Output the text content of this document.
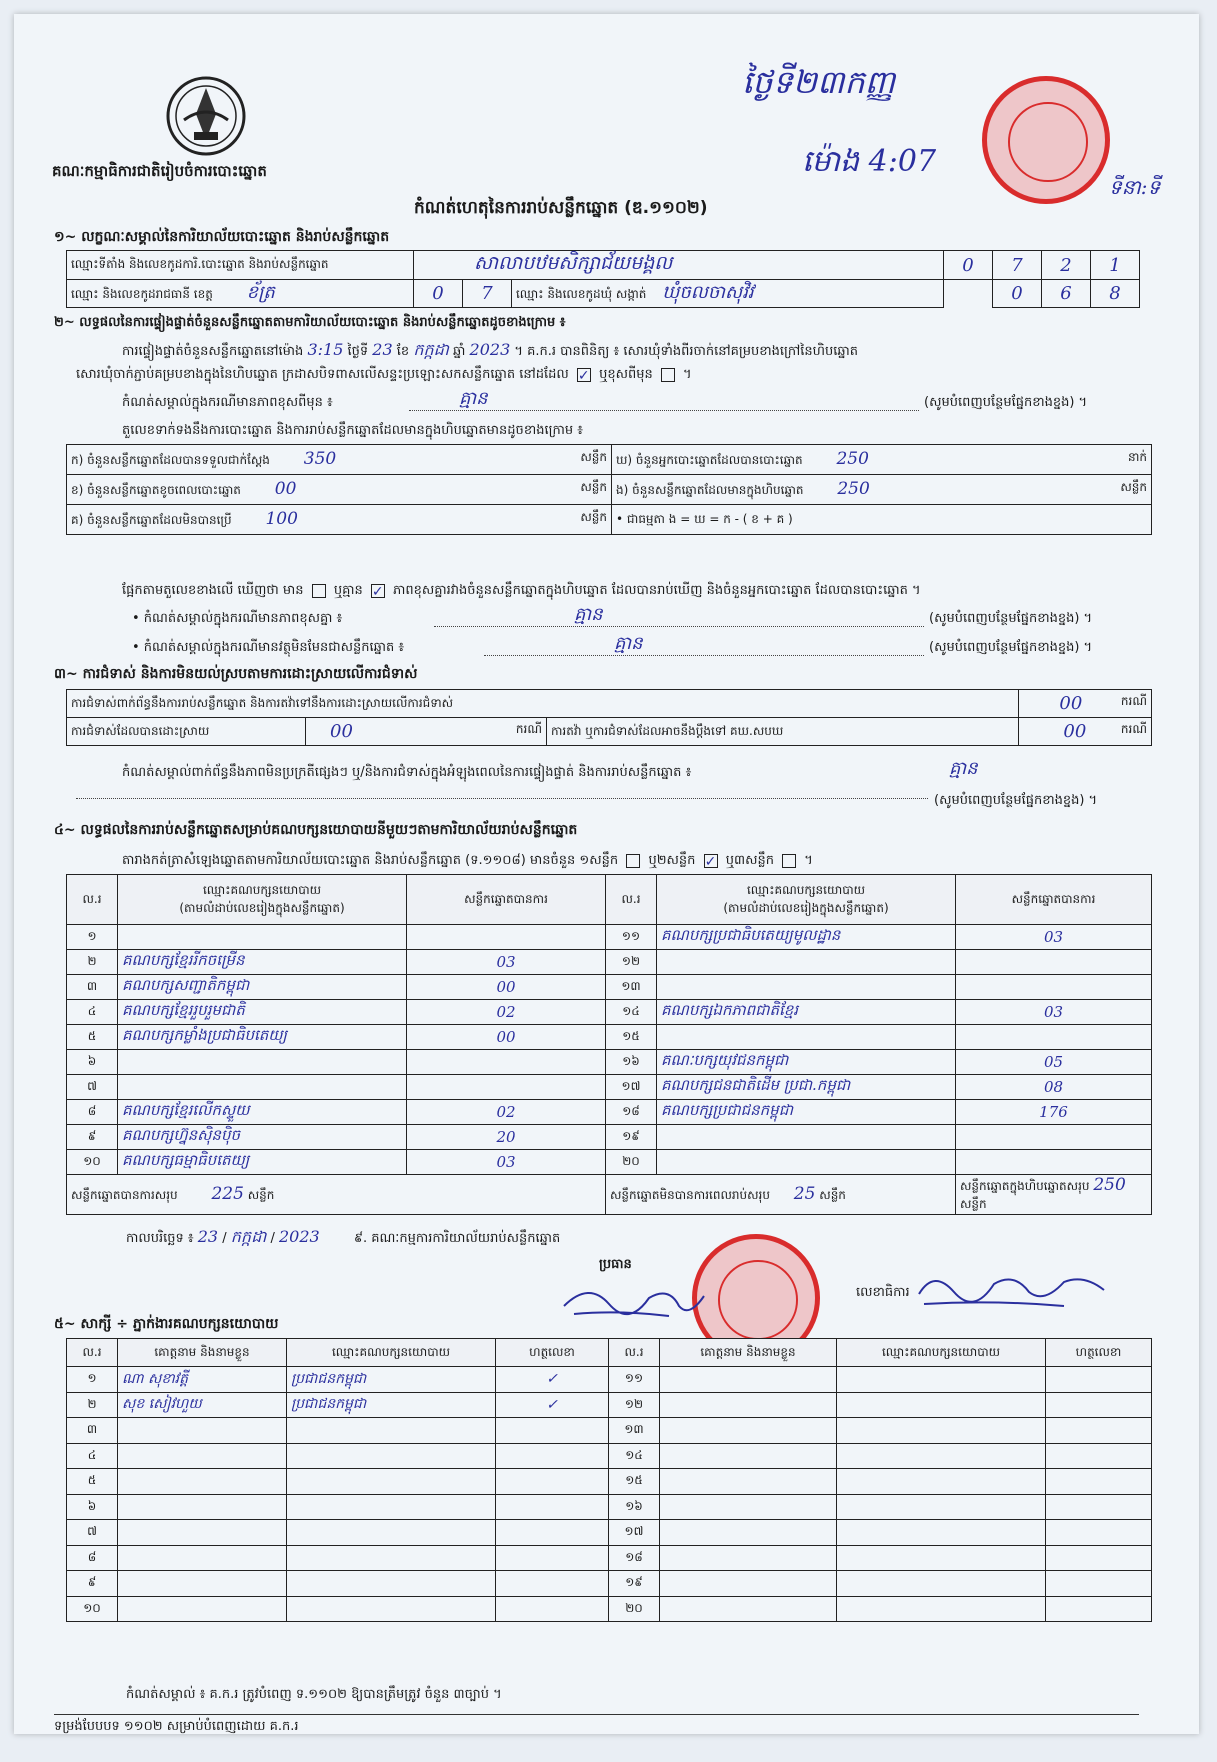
គណៈកម្មាធិការជាតិរៀបចំការបោះឆ្នោត
កំណត់ហេតុនៃការរាប់សន្លឹកឆ្នោត (ឌ.១១០២)
ថ្ងៃទី២៣កញ្ញ
ម៉ោង 4:07
ទីនា:ទី
១~ លក្ខណៈសម្គាល់នៃការិយាល័យបោះឆ្នោត និងរាប់សន្លឹកឆ្នោត
ឈ្មោះទីតាំង និងលេខកូដការិ.បោះឆ្នោត និងរាប់សន្លឹកឆ្នោត	សាលាបឋមសិក្សាជ័យមង្គល			0	7	2	1
ឈ្មោះ និងលេខកូដរាជធានី ខេត្ត ខ័ត្រ	0	7	ឈ្មោះ និងលេខកូដឃុំ សង្កាត់ ឃុំចលចាសុវិវ		0	6	8
២~ លទ្ធផលនៃការផ្ទៀងផ្ទាត់ចំនួនសន្លឹកឆ្នោតតាមការិយាល័យបោះឆ្នោត និងរាប់សន្លឹកឆ្នោតដូចខាងក្រោម ៖
ការផ្ទៀងផ្ទាត់ចំនួនសន្លឹកឆ្នោតនៅម៉ោង 3:15 ថ្ងៃទី 23 ខែ កក្កដា ឆ្នាំ 2023 ។ គ.ក.រ បានពិនិត្យ ៖ សោរឃុំទាំងពីរចាក់នៅគម្របខាងក្រៅនៃហិបឆ្នោត
សោរឃុំចាក់ភ្ជាប់គម្របខាងក្នុងនៃហិបឆ្នោត ក្រដាសបិទពាសលើសន្ទះប្រឡោះសកសន្លឹកឆ្នោត នៅដដែល ✓ ឬខុសពីមុន  ។
កំណត់សម្គាល់ក្នុងករណីមានភាពខុសពីមុន ៖	គ្មាន	(សូមបំពេញបន្ថែមផ្នែកខាងខ្នង) ។
តួលេខទាក់ទងនឹងការបោះឆ្នោត និងការរាប់សន្លឹកឆ្នោតដែលមានក្នុងហិបឆ្នោតមានដូចខាងក្រោម ៖
ក) ចំនួនសន្លឹកឆ្នោតដែលបានទទួលជាក់ស្តែង 350 សន្លឹក	ឃ) ចំនួនអ្នកបោះឆ្នោតដែលបានបោះឆ្នោត 250 នាក់

ខ) ចំនួនសន្លឹកឆ្នោតខូចពេលបោះឆ្នោត 00 សន្លឹក	ង) ចំនួនសន្លឹកឆ្នោតដែលមានក្នុងហិបឆ្នោត 250 សន្លឹក

គ) ចំនួនសន្លឹកឆ្នោតដែលមិនបានប្រើ 100 សន្លឹក	• ជាធម្មតា ង = ឃ = ក - ( ខ + គ )
ផ្អែកតាមតួលេខខាងលើ ឃើញថា មាន ឬគ្មាន ✓ ភាពខុសគ្នារវាងចំនួនសន្លឹកឆ្នោតក្នុងហិបឆ្នោត ដែលបានរាប់ឃើញ និងចំនួនអ្នកបោះឆ្នោត ដែលបានបោះឆ្នោត ។
• កំណត់សម្គាល់ក្នុងករណីមានភាពខុសគ្នា ៖	គ្មាន	(សូមបំពេញបន្ថែមផ្នែកខាងខ្នង) ។
• កំណត់សម្គាល់ក្នុងករណីមានវត្ថុមិនមែនជាសន្លឹកឆ្នោត ៖	គ្មាន	(សូមបំពេញបន្ថែមផ្នែកខាងខ្នង) ។
៣~ ការជំទាស់ និងការមិនយល់ស្របតាមការដោះស្រាយលើការជំទាស់
ការជំទាស់ពាក់ព័ន្ធនឹងការរាប់សន្លឹកឆ្នោត និងការតវ៉ាទៅនឹងការដោះស្រាយលើការជំទាស់			00 ករណី

ការជំទាស់ដែលបានដោះស្រាយ	00 ករណី	ការតវ៉ា ឬការជំទាស់ដែលអាចនឹងប្តឹងទៅ គឃ.សបឃ	00 ករណី
កំណត់សម្គាល់ពាក់ព័ន្ធនឹងភាពមិនប្រក្រតីផ្សេងៗ ឬ/និងការជំទាស់ក្នុងអំឡុងពេលនៃការផ្ទៀងផ្ទាត់ និងការរាប់សន្លឹកឆ្នោត ៖	គ្មាន
(សូមបំពេញបន្ថែមផ្នែកខាងខ្នង) ។
៤~ លទ្ធផលនៃការរាប់សន្លឹកឆ្នោតសម្រាប់គណបក្សនយោបាយនីមួយៗតាមការិយាល័យរាប់សន្លឹកឆ្នោត
តារាងកត់ត្រាសំឡេងឆ្នោតតាមការិយាល័យបោះឆ្នោត និងរាប់សន្លឹកឆ្នោត (ទ.១១០៨) មានចំនួន ១សន្លឹក ឬ២សន្លឹក ✓ ឬ៣សន្លឹក  ។
ល.រ	ឈ្មោះគណបក្សនយោបាយ
(តាមលំដាប់លេខរៀងក្នុងសន្លឹកឆ្នោត)	សន្លឹកឆ្នោតបានការ	ល.រ	ឈ្មោះគណបក្សនយោបាយ
(តាមលំដាប់លេខរៀងក្នុងសន្លឹកឆ្នោត)	សន្លឹកឆ្នោតបានការ
១			១១	គណបក្សប្រជាធិបតេយ្យមូលដ្ឋាន	03
២	គណបក្សខ្មែររីកចម្រើន	03	១២		
៣	គណបក្សសញ្ជាតិកម្ពុជា	00	១៣		
៤	គណបក្សខ្មែររួបរួមជាតិ	02	១៤	គណបក្សឯកភាពជាតិខ្មែរ	03
៥	គណបក្សកម្លាំងប្រជាធិបតេយ្យ	00	១៥		
៦			១៦	គណៈបក្សយុវជនកម្ពុជា	05
៧			១៧	គណបក្សជនជាតិដើម ប្រជា.កម្ពុជា	08
៨	គណបក្សខ្មែរលើកស្ទួយ	02	១៨	គណបក្សប្រជាជនកម្ពុជា	176
៩	គណបក្សហ្វ៊ុនស៊ិនប៉ិច	20	១៩		
១០	គណបក្សធម្មាធិបតេយ្យ	03	២០		
សន្លឹកឆ្នោតបានការសរុប 225 សន្លឹក			សន្លឹកឆ្នោតមិនបានការពេលរាប់សរុប 25 សន្លឹក		សន្លឹកឆ្នោតក្នុងហិបឆ្នោតសរុប 250 សន្លឹក
កាលបរិច្ឆេទ ៖ 23 / កក្កដា / 2023	៩. គណៈកម្មការការិយាល័យរាប់សន្លឹកឆ្នោត
ប្រធាន
លេខាធិការ
៥~ សាក្សី ÷ ភ្នាក់ងារគណបក្សនយោបាយ
ល.រ	គោត្តនាម និងនាមខ្លួន	ឈ្មោះគណបក្សនយោបាយ	ហត្ថលេខា	ល.រ	គោត្តនាម និងនាមខ្លួន	ឈ្មោះគណបក្សនយោបាយ	ហត្ថលេខា
១	ណា សុខាវត្តី	ប្រជាជនកម្ពុជា	✓	១១			
២	សុខ សៀវហួយ	ប្រជាជនកម្ពុជា	✓	១២			
៣				១៣			
៤				១៤			
៥				១៥			
៦				១៦			
៧				១៧			
៨				១៨			
៩				១៩			
១០				២០			
កំណត់សម្គាល់ ៖ គ.ក.រ ត្រូវបំពេញ ទ.១១០២ ឱ្យបានត្រឹមត្រូវ ចំនួន ៣ច្បាប់ ។
ទម្រង់បែបបទ ១១០២ សម្រាប់បំពេញដោយ គ.ក.រ
